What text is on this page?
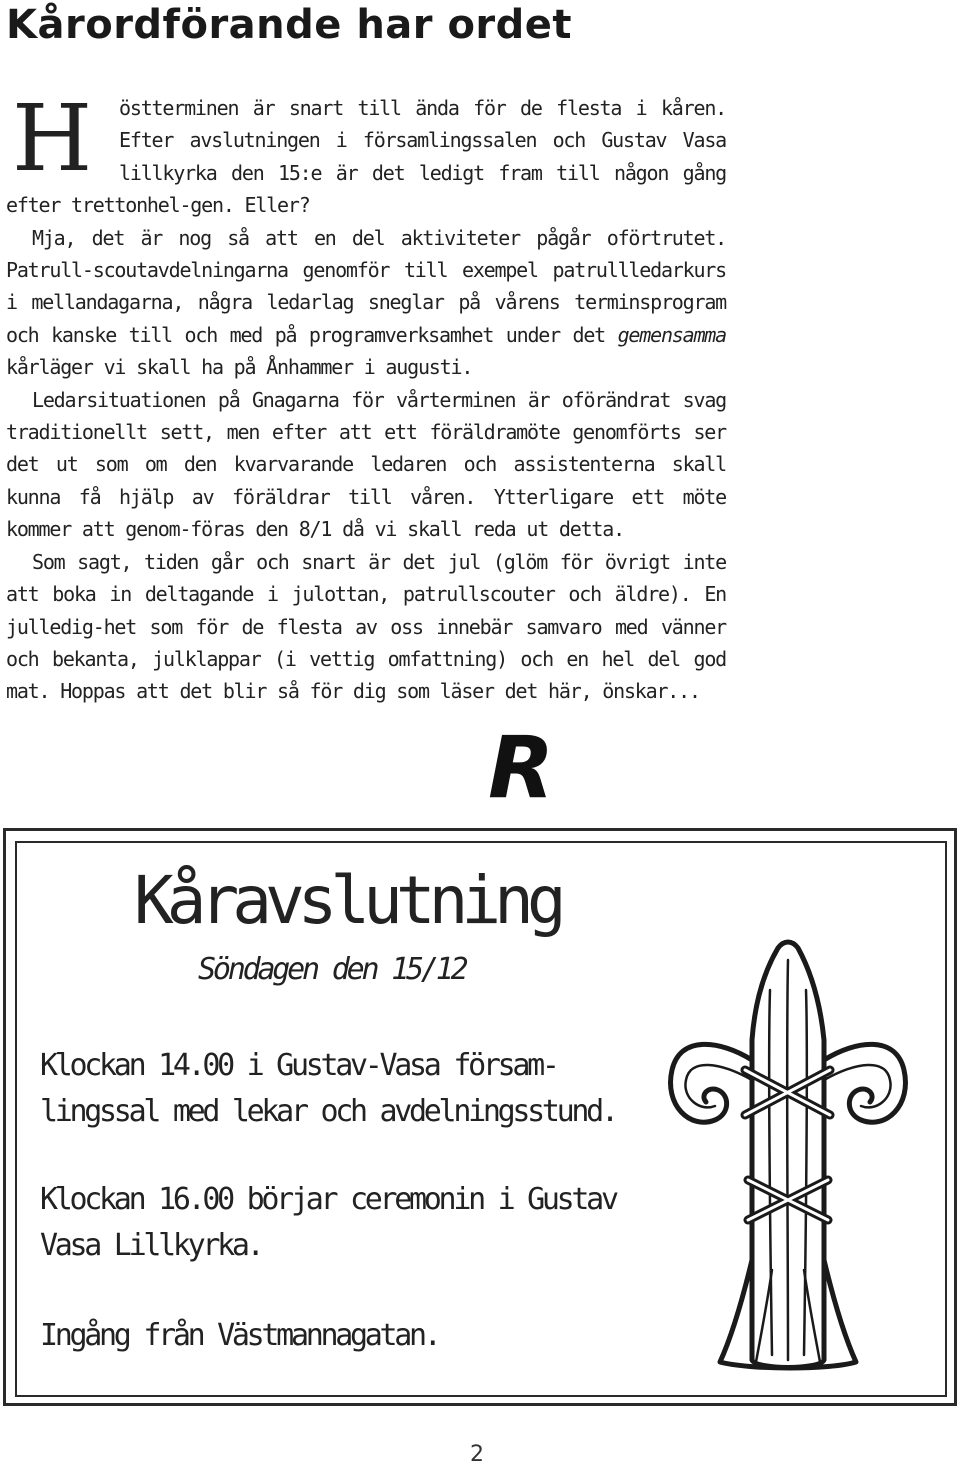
Kårordförande har ordet

H östterminen är snart till ända för de flesta i kåren. Efter avslutningen i församlingssalen och Gustav Vasa lillkyrka den 15:e är det ledigt fram till någon gång efter trettonhel-gen. Eller?

Mja, det är nog så att en del aktiviteter pågår oförtrutet. Patrull-scoutavdelningarna genomför till exempel patrullledarkurs i mellandagarna, några ledarlag sneglar på vårens terminsprogram och kanske till och med på programverksamhet under det gemensamma kårläger vi skall ha på Ånhammer i augusti.

Ledarsituationen på Gnagarna för vårterminen är oförändrat svag traditionellt sett, men efter att ett föräldramöte genomförts ser det ut som om den kvarvarande ledaren och assistenterna skall kunna få hjälp av föräldrar till våren. Ytterligare ett möte kommer att genom-föras den 8/1 då vi skall reda ut detta.

Som sagt, tiden går och snart är det jul (glöm för övrigt inte att boka in deltagande i julottan, patrullscouter och äldre). En julledig-het som för de flesta av oss innebär samvaro med vänner och bekanta, julklappar (i vettig omfattning) och en hel del god mat. Hoppas att det blir så för dig som läser det här, önskar...

R
Kåravslutning
Söndagen den 15/12

Klockan 14.00 i Gustav-Vasa försam-lingssal med lekar och avdelningsstund.

Klockan 16.00 börjar ceremonin i Gustav Vasa Lillkyrka.

Ingång från Västmannagatan.

2
